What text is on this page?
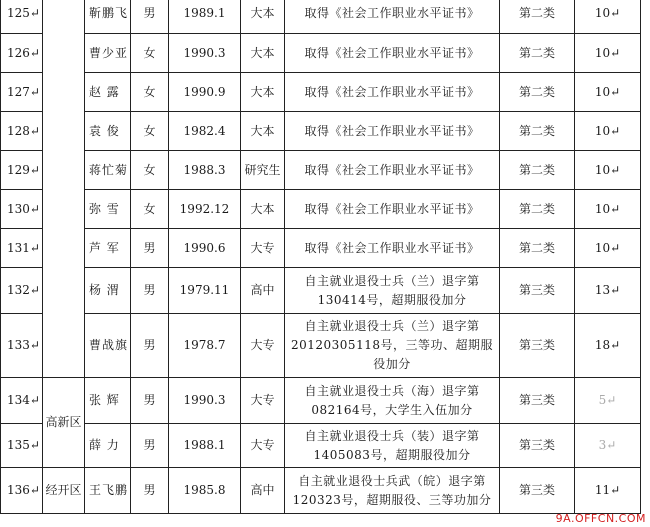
125↵		靳鹏飞	男	1989.1	大本	取得《社会工作职业水平证书》	第二类	10↵
126↵		曹少亚	女	1990.3	大本	取得《社会工作职业水平证书》	第二类	10↵
127↵		赵 露	女	1990.9	大本	取得《社会工作职业水平证书》	第二类	10↵
128↵		袁 俊	女	1982.4	大本	取得《社会工作职业水平证书》	第二类	10↵
129↵		蒋忙菊	女	1988.3	研究生	取得《社会工作职业水平证书》	第二类	10↵
130↵		弥 雪	女	1992.12	大本	取得《社会工作职业水平证书》	第二类	10↵
131↵		芦 军	男	1990.6	大专	取得《社会工作职业水平证书》	第二类	10↵
132↵		杨 渭	男	1979.11	高中	自主就业退役士兵（兰）退字第130414号，超期服役加分	第三类	13↵
133↵		曹战旗	男	1978.7	大专	自主就业退役士兵（兰）退字第20120305118号，三等功、超期服役加分	第三类	18↵
134↵	高新区	张 辉	男	1990.3	大专	自主就业退役士兵（海）退字第082164号，大学生入伍加分	第三类	5↵
135↵		薛 力	男	1988.1	大专	自主就业退役士兵（装）退字第1405083号，超期服役加分	第三类	3↵
136↵	经开区	王飞鹏	男	1985.8	高中	自主就业退役士兵武（皖）退字第120323号，超期服役、三等功加分	第三类	11↵
9A.OFFCN.COM
